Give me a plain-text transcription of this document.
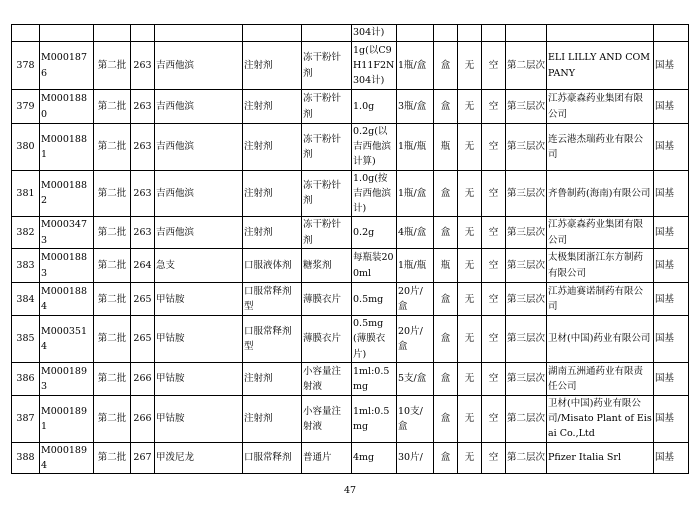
							304计)							
378	M0001876	第二批	263	吉西他滨	注射剂	冻干粉针剂	1g(以C9H11F2N304计)	1瓶/盒	盒	无	空	第二层次	ELI LILLY AND COMPANY	国基
379	M0001880	第二批	263	吉西他滨	注射剂	冻干粉针剂	1.0g	3瓶/盒	盒	无	空	第三层次	江苏豪森药业集团有限公司	国基
380	M0001881	第二批	263	吉西他滨	注射剂	冻干粉针剂	0.2g(以吉西他滨计算)	1瓶/瓶	瓶	无	空	第三层次	连云港杰瑞药业有限公司	国基
381	M0001882	第二批	263	吉西他滨	注射剂	冻干粉针剂	1.0g(按吉西他滨计)	1瓶/盒	盒	无	空	第三层次	齐鲁制药(海南)有限公司	国基
382	M0003473	第二批	263	吉西他滨	注射剂	冻干粉针剂	0.2g	4瓶/盒	盒	无	空	第三层次	江苏豪森药业集团有限公司	国基
383	M0001883	第二批	264	急支	口服液体剂	糖浆剂	每瓶装200ml	1瓶/瓶	瓶	无	空	第三层次	太极集团浙江东方制药有限公司	国基
384	M0001884	第二批	265	甲钴胺	口服常释剂型	薄膜衣片	0.5mg	20片/盒	盒	无	空	第三层次	江苏迪赛诺制药有限公司	国基
385	M0003514	第二批	265	甲钴胺	口服常释剂型	薄膜衣片	0.5mg(薄膜衣片)	20片/盒	盒	无	空	第三层次	卫材(中国)药业有限公司	国基
386	M0001893	第二批	266	甲钴胺	注射剂	小容量注射液	1ml:0.5mg	5支/盒	盒	无	空	第三层次	湖南五洲通药业有限责任公司	国基
387	M0001891	第二批	266	甲钴胺	注射剂	小容量注射液	1ml:0.5mg	10支/盒	盒	无	空	第二层次	卫材(中国)药业有限公司/Misato Plant of Eisai Co.,Ltd	国基
388	M0001894	第二批	267	甲泼尼龙	口服常释剂	普通片	4mg	30片/	盒	无	空	第二层次	Pfizer Italia Srl	国基
47
